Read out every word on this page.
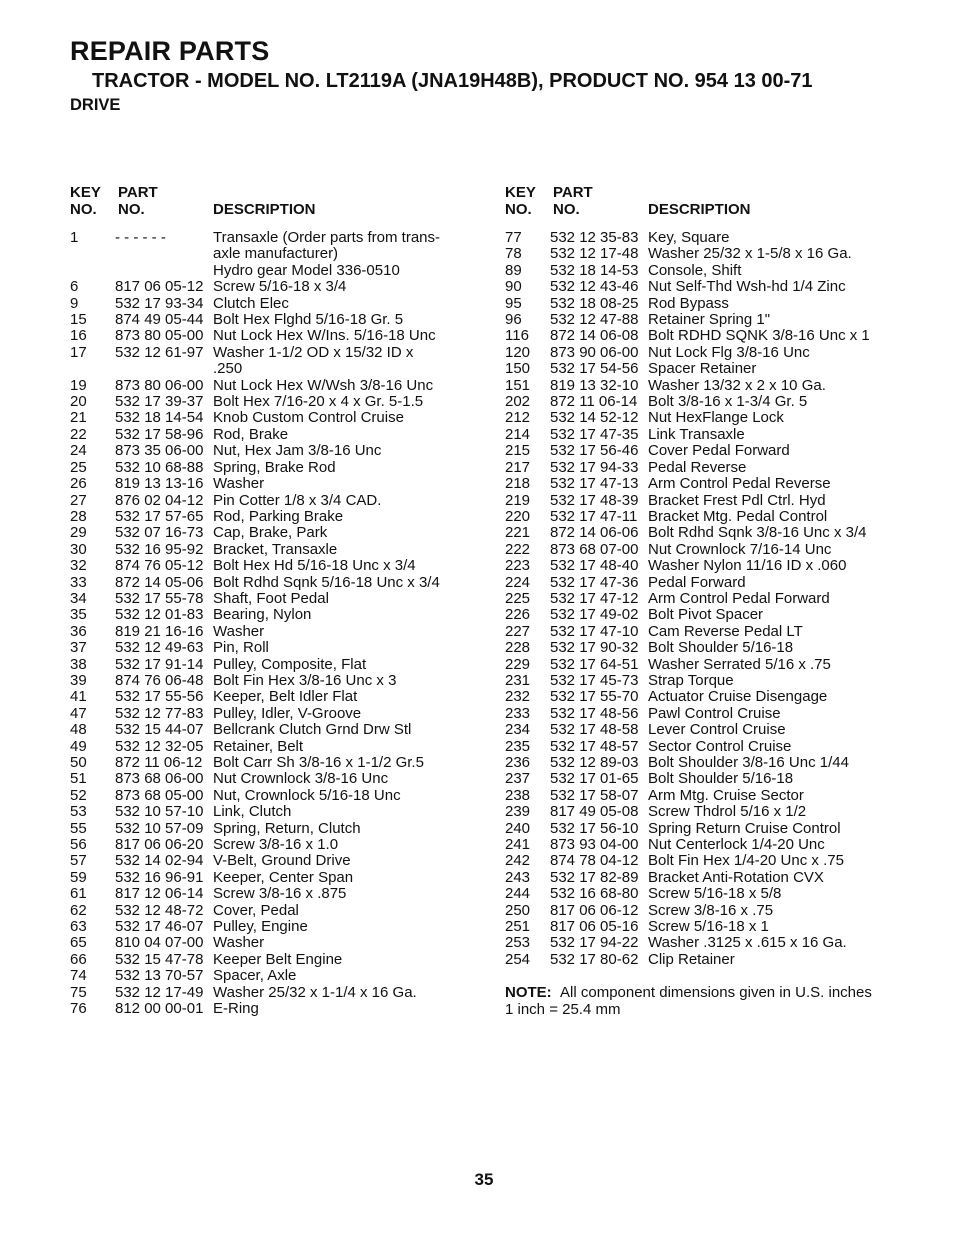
REPAIR PARTS
TRACTOR - MODEL NO. LT2119A (JNA19H48B), PRODUCT NO. 954 13 00-71
DRIVE
KEY
NO.
PART
NO.	DESCRIPTION
1 - - - - - -	Transaxle (Order parts from trans-
axle manufacturer)
Hydro gear Model 336-0510
6 817 06 05-12 Screw 5/16-18 x 3/4
9 532 17 93-34 Clutch Elec
15 874 49 05-44 Bolt Hex Flghd 5/16-18 Gr. 5
16 873 80 05-00 Nut Lock Hex W/Ins. 5/16-18 Unc
17 532 12 61-97 Washer 1-1/2 OD x 15/32 ID x
.250
19 873 80 06-00 Nut Lock Hex W/Wsh 3/8-16 Unc
20 532 17 39-37 Bolt Hex 7/16-20 x 4 x Gr. 5-1.5
21 532 18 14-54 Knob Custom Control Cruise
22 532 17 58-96 Rod, Brake
24 873 35 06-00 Nut, Hex Jam 3/8-16 Unc
25 532 10 68-88 Spring, Brake Rod
26 819 13 13-16 Washer
27 876 02 04-12 Pin Cotter 1/8 x 3/4 CAD.
28 532 17 57-65 Rod, Parking Brake
29 532 07 16-73 Cap, Brake, Park
30 532 16 95-92 Bracket, Transaxle
32 874 76 05-12 Bolt Hex Hd 5/16-18 Unc x 3/4
33 872 14 05-06 Bolt Rdhd Sqnk 5/16-18 Unc x 3/4
34 532 17 55-78 Shaft, Foot Pedal
35 532 12 01-83 Bearing, Nylon
36 819 21 16-16 Washer
37 532 12 49-63 Pin, Roll
38 532 17 91-14 Pulley, Composite, Flat
39 874 76 06-48 Bolt Fin Hex 3/8-16 Unc x 3
41 532 17 55-56 Keeper, Belt Idler Flat
47 532 12 77-83 Pulley, Idler, V-Groove
48 532 15 44-07 Bellcrank Clutch Grnd Drw Stl
49 532 12 32-05 Retainer, Belt
50 872 11 06-12 Bolt Carr Sh 3/8-16 x 1-1/2 Gr.5
51 873 68 06-00 Nut Crownlock 3/8-16 Unc
52 873 68 05-00 Nut, Crownlock 5/16-18 Unc
53 532 10 57-10 Link, Clutch
55 532 10 57-09 Spring, Return, Clutch
56 817 06 06-20 Screw 3/8-16 x 1.0
57 532 14 02-94 V-Belt, Ground Drive
59 532 16 96-91 Keeper, Center Span
61 817 12 06-14 Screw 3/8-16 x .875
62 532 12 48-72 Cover, Pedal
63 532 17 46-07 Pulley, Engine
65 810 04 07-00 Washer
66 532 15 47-78 Keeper Belt Engine
74 532 13 70-57 Spacer, Axle
75 532 12 17-49 Washer 25/32 x 1-1/4 x 16 Ga.
76 812 00 00-01 E-Ring
KEY
NO.
PART
NO.	DESCRIPTION
77 532 12 35-83 Key, Square
78 532 12 17-48 Washer 25/32 x 1-5/8 x 16 Ga.
89 532 18 14-53 Console, Shift
90 532 12 43-46 Nut Self-Thd Wsh-hd 1/4 Zinc
95 532 18 08-25 Rod Bypass
96 532 12 47-88 Retainer Spring 1"
116 872 14 06-08 Bolt RDHD SQNK 3/8-16 Unc x 1
120 873 90 06-00 Nut Lock Flg 3/8-16 Unc
150 532 17 54-56 Spacer Retainer
151 819 13 32-10 Washer 13/32 x 2 x 10 Ga.
202 872 11 06-14 Bolt 3/8-16 x 1-3/4 Gr. 5
212 532 14 52-12 Nut HexFlange Lock
214 532 17 47-35 Link Transaxle
215 532 17 56-46 Cover Pedal Forward
217 532 17 94-33 Pedal Reverse
218 532 17 47-13 Arm Control Pedal Reverse
219 532 17 48-39 Bracket Frest Pdl Ctrl. Hyd
220 532 17 47-11 Bracket Mtg. Pedal Control
221 872 14 06-06 Bolt Rdhd Sqnk 3/8-16 Unc x 3/4
222 873 68 07-00 Nut Crownlock 7/16-14 Unc
223 532 17 48-40 Washer Nylon 11/16 ID x .060
224 532 17 47-36 Pedal Forward
225 532 17 47-12 Arm Control Pedal Forward
226 532 17 49-02 Bolt Pivot Spacer
227 532 17 47-10 Cam Reverse Pedal LT
228 532 17 90-32 Bolt Shoulder 5/16-18
229 532 17 64-51 Washer Serrated 5/16 x .75
231 532 17 45-73 Strap Torque
232 532 17 55-70 Actuator Cruise Disengage
233 532 17 48-56 Pawl Control Cruise
234 532 17 48-58 Lever Control Cruise
235 532 17 48-57 Sector Control Cruise
236 532 12 89-03 Bolt Shoulder 3/8-16 Unc 1/44
237 532 17 01-65 Bolt Shoulder 5/16-18
238 532 17 58-07 Arm Mtg. Cruise Sector
239 817 49 05-08 Screw Thdrol 5/16 x 1/2
240 532 17 56-10 Spring Return Cruise Control
241 873 93 04-00 Nut Centerlock 1/4-20 Unc
242 874 78 04-12 Bolt Fin Hex 1/4-20 Unc x .75
243 532 17 82-89 Bracket Anti-Rotation CVX
244 532 16 68-80 Screw 5/16-18 x 5/8
250 817 06 06-12 Screw 3/8-16 x .75
251 817 06 05-16 Screw 5/16-18 x 1
253 532 17 94-22 Washer .3125 x .615 x 16 Ga.
254 532 17 80-62 Clip Retainer
NOTE: All component dimensions given in U.S. inches
1 inch = 25.4 mm
35
